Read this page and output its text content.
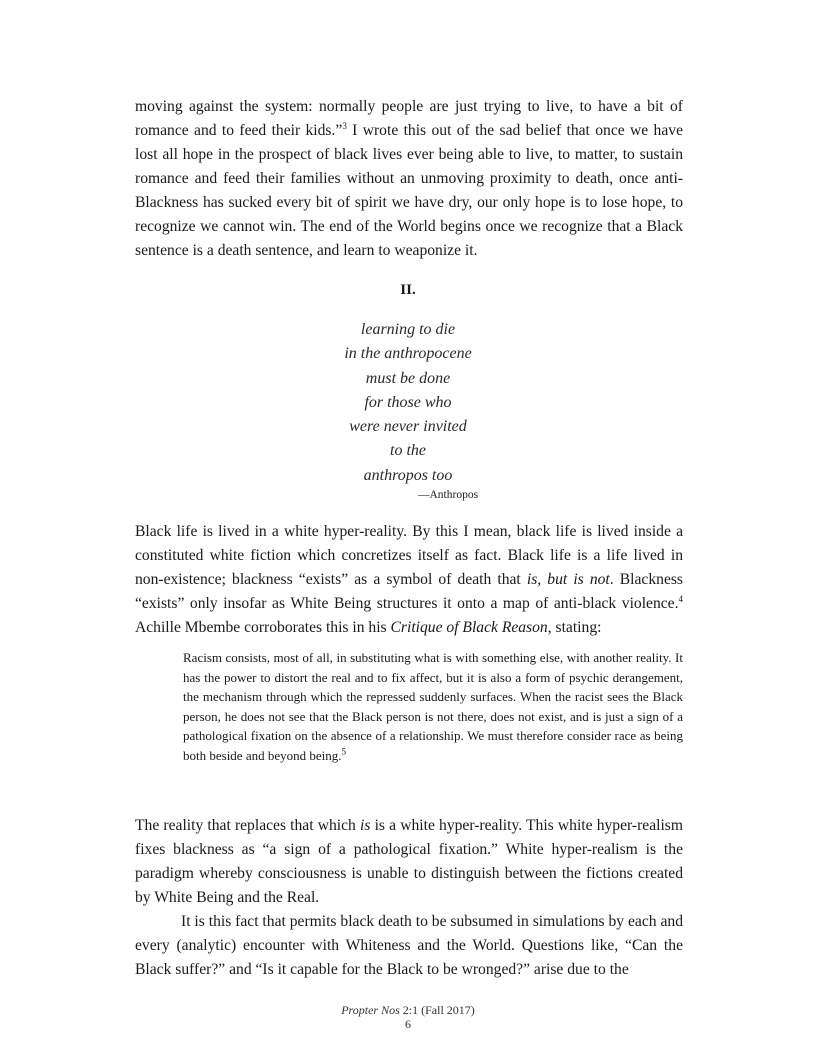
moving against the system: normally people are just trying to live, to have a bit of romance and to feed their kids.”$^3$ I wrote this out of the sad belief that once we have lost all hope in the prospect of black lives ever being able to live, to matter, to sustain romance and feed their families without an unmoving proximity to death, once anti-Blackness has sucked every bit of spirit we have dry, our only hope is to lose hope, to recognize we cannot win. The end of the World begins once we recognize that a Black sentence is a death sentence, and learn to weaponize it.

II.
learning to die
in the anthropocene
must be done
for those who
were never invited
to the
anthropos too
—Anthropos

Black life is lived in a white hyper-reality. By this I mean, black life is lived inside a constituted white fiction which concretizes itself as fact. Black life is a life lived in non-existence; blackness “exists” as a symbol of death that is, but is not. Blackness “exists” only insofar as White Being structures it onto a map of anti-black violence.$^4$ Achille Mbembe corroborates this in his Critique of Black Reason, stating:

Racism consists, most of all, in substituting what is with something else, with another reality. It has the power to distort the real and to fix affect, but it is also a form of psychic derangement, the mechanism through which the repressed suddenly surfaces. When the racist sees the Black person, he does not see that the Black person is not there, does not exist, and is just a sign of a pathological fixation on the absence of a relationship. We must therefore consider race as being both beside and beyond being.$^5$

The reality that replaces that which is is a white hyper-reality. This white hyper-realism fixes blackness as “a sign of a pathological fixation.” White hyper-realism is the paradigm whereby consciousness is unable to distinguish between the fictions created by White Being and the Real.

It is this fact that permits black death to be subsumed in simulations by each and every (analytic) encounter with Whiteness and the World. Questions like, “Can the Black suffer?” and “Is it capable for the Black to be wronged?” arise due to the

Propter Nos 2:1 (Fall 2017)
6
